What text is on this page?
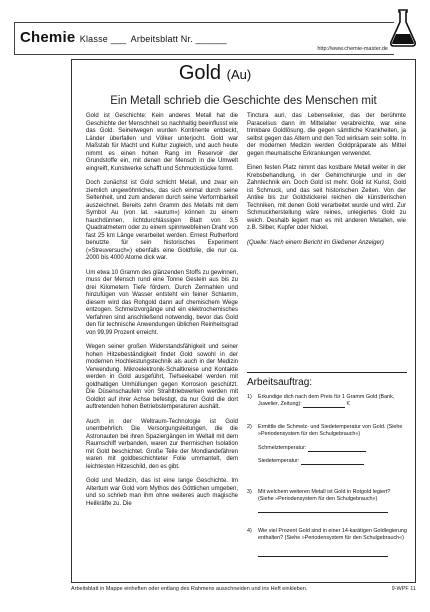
Chemie Klasse ___ Arbeitsblatt Nr. ______
http://www.chemie-master.de
Gold (Au)
Ein Metall schrieb die Geschichte des Menschen mit

Gold ist Geschichte: Kein anderes Metall hat die Geschichte der Menschheit so nachhaltig beeinflusst wie das Gold. Seinetwegen wurden Kontinente entdeckt, Länder überfallen und Völker unterjocht. Gold war Maßstab für Macht und Kultur zugleich, und auch heute nimmt es einen hohen Rang im Reservoir der Grundstoffe ein, mit denen der Mensch in die Umwelt eingreift, Kunstwerke schafft und Schmuckstücke formt.

Doch zunächst ist Gold schlicht Metall, und zwar ein ziemlich ungewöhnliches, das sich einmal durch seine Seltenheit, und zum anderen durch seine Verformbarkeit auszeichnet. Bereits zehn Gramm des Metalls mit dem Symbol Au (von lat. »aurum«) können zu einem hauchdünnen, lichtdurchlässigen Blatt von 3,5 Quadratmetern oder zu einem spinnwebfeinen Draht von fast 25 km Länge verarbeitet werden. Ernest Rutherford benutzte für sein historisches Experiment (»Streuversuch«) ebenfalls eine Goldfolie, die nur ca. 2000 bis 4000 Atome dick war.

Um etwa 10 Gramm des glänzenden Stoffs zu gewinnen, muss der Mensch rund eine Tonne Gestein aus bis zu drei Kilometern Tiefe fördern. Durch Zermahlen und hinzufügen von Wasser entsteht ein feiner Schlamm, diesem wird das Rohgold dann auf chemischem Wege entzogen. Schmelzvorgänge und ein elektrochemisches Verfahren sind anschließend notwendig, bevor das Gold den für technische Anwendungen üblichen Reinheitsgrad von 99,99 Prozent erreicht.

Wegen seiner großen Widerstandsfähigkeit und seiner hohen Hitzebeständigkeit findet Gold sowohl in der modernen Hochleistungstechnik als auch in der Medizin Verwendung. Mikroelektronik-Schaltkreise und Kontakte werden in Gold ausgeführt, Tiefseekabel werden mit goldhaltigen Umhüllungen gegen Korrosion geschützt. Die Düsenschaufeln von Strahltriebwerken werden mit Goldlot auf ihrer Achse befestigt, da nur Gold die dort auftretenden hohen Betriebstemperaturen aushält.

Auch in der Weltraum-Technologie ist Gold unentbehrlich. Die Versorgungsleitungen, die die Astronauten bei ihren Spaziergängen im Weltall mit dem Raumschiff verbanden, waren zur thermischen Isolation mit Gold beschichtet. Große Teile der Mondlandefähren waren mit goldbeschichteter Folie ummantelt, dem leichtesten Hitzeschild, den es gibt.

Gold und Medizin, das ist eine lange Geschichte. Im Altertum war Gold vom Mythos des Göttlichen umgeben, und so schrieb man ihm ohne weiteres auch magische Heilkräfte zu. Die

Tinctura auri, das Lebenselixier, das der berühmte Paracelsus dann im Mittelalter verabreichte, war eine trinkbare Goldlösung, die gegen sämtliche Krankheiten, ja selbst gegen das Altern und den Tod wirksam sein sollte. In der modernen Medizin werden Goldpräparate als Mittel gegen rheumatische Erkrankungen verwendet.

Einen festen Platz nimmt das kostbare Metall weiter in der Krebsbehandlung, in der Gehirnchirurgie und in der Zahntechnik ein. Doch Gold ist mehr. Gold ist Kunst, Gold ist Schmuck, und das seit historischen Zeiten. Von der Antike bis zur Goldstickerei reichen die künstlerischen Techniken, mit denen Gold verarbeitet wurde und wird. Zur Schmuckherstellung wäre reines, unlegiertes Gold zu weich. Deshalb legiert man es mit anderen Metallen, wie z.B. Silber, Kupfer oder Nickel.

(Quelle: Nach einem Bericht im Gießener Anzeiger)

Arbeitsauftrag:
1) Erkundige dich nach dem Preis für 1 Gramm Gold (Bank, Juwelier, Zeitung):	€
2) Ermittle die Schmelz- und Siedetemperatur von Gold. (Siehe »Periodensystem für den Schulgebrauch«)
Schmelztemperatur:
Siedetemperatur:
3) Mit welchem weiteren Metall ist Gold in Rotgold legiert? (Siehe »Periodensystem für den Schulgebrauch«)
4) Wie viel Prozent Gold sind in einer 14-karätigen Goldlegierung enthalten? (Siehe »Periodensystem für den Schulgebrauch«)
Arbeitsblatt in Mappe einheften oder entlang des Rahmens ausschneiden und ins Heft einkleben.	9-WPF 11
